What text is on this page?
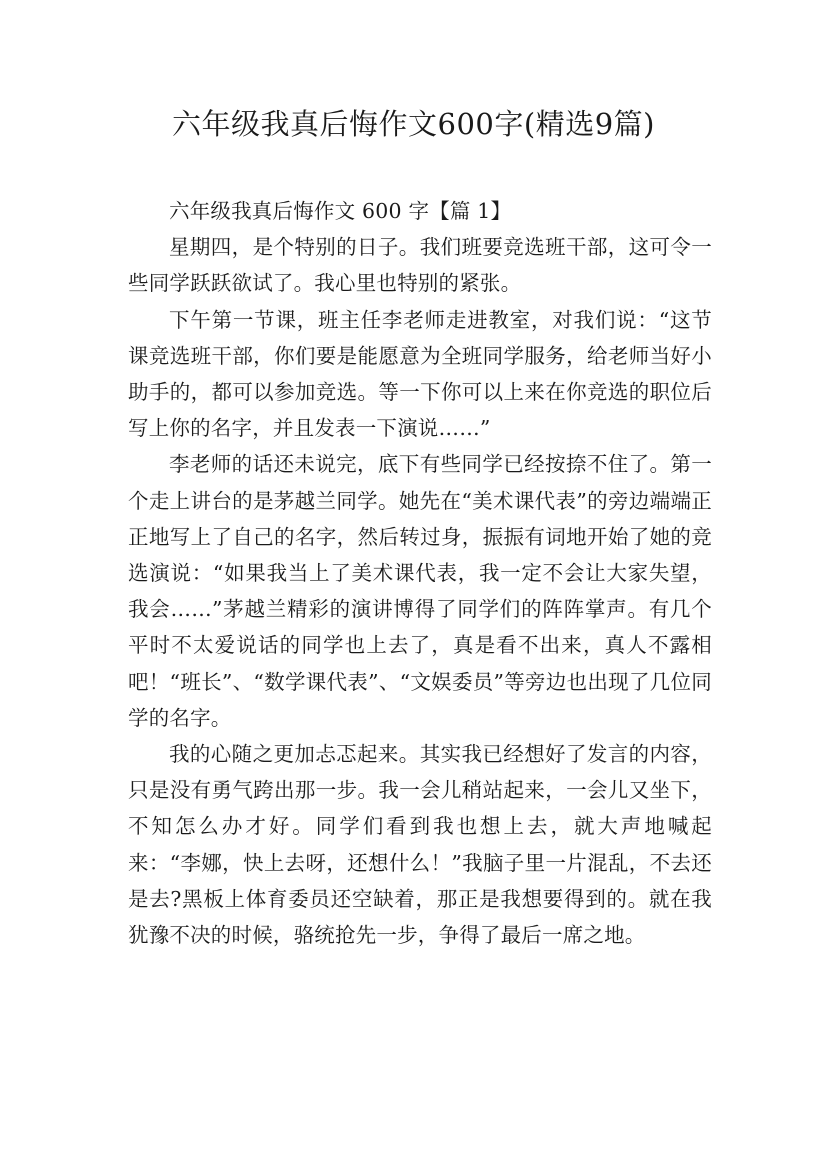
六年级我真后悔作文600字(精选9篇)

六年级我真后悔作文 600 字【篇 1】

星期四，是个特别的日子。我们班要竞选班干部，这可令一些同学跃跃欲试了。我心里也特别的紧张。

下午第一节课，班主任李老师走进教室，对我们说：“这节课竞选班干部，你们要是能愿意为全班同学服务，给老师当好小助手的，都可以参加竞选。等一下你可以上来在你竞选的职位后写上你的名字，并且发表一下演说……”

李老师的话还未说完，底下有些同学已经按捺不住了。第一个走上讲台的是茅越兰同学。她先在“美术课代表”的旁边端端正正地写上了自己的名字，然后转过身，振振有词地开始了她的竞选演说：“如果我当上了美术课代表，我一定不会让大家失望，我会……”茅越兰精彩的演讲博得了同学们的阵阵掌声。有几个平时不太爱说话的同学也上去了，真是看不出来，真人不露相吧！“班长”、“数学课代表”、“文娱委员”等旁边也出现了几位同学的名字。

我的心随之更加忐忑起来。其实我已经想好了发言的内容，只是没有勇气跨出那一步。我一会儿稍站起来，一会儿又坐下，不知怎么办才好。同学们看到我也想上去，就大声地喊起来：“李娜，快上去呀，还想什么！”我脑子里一片混乱，不去还是去?黑板上体育委员还空缺着，那正是我想要得到的。就在我犹豫不决的时候，骆统抢先一步，争得了最后一席之地。
